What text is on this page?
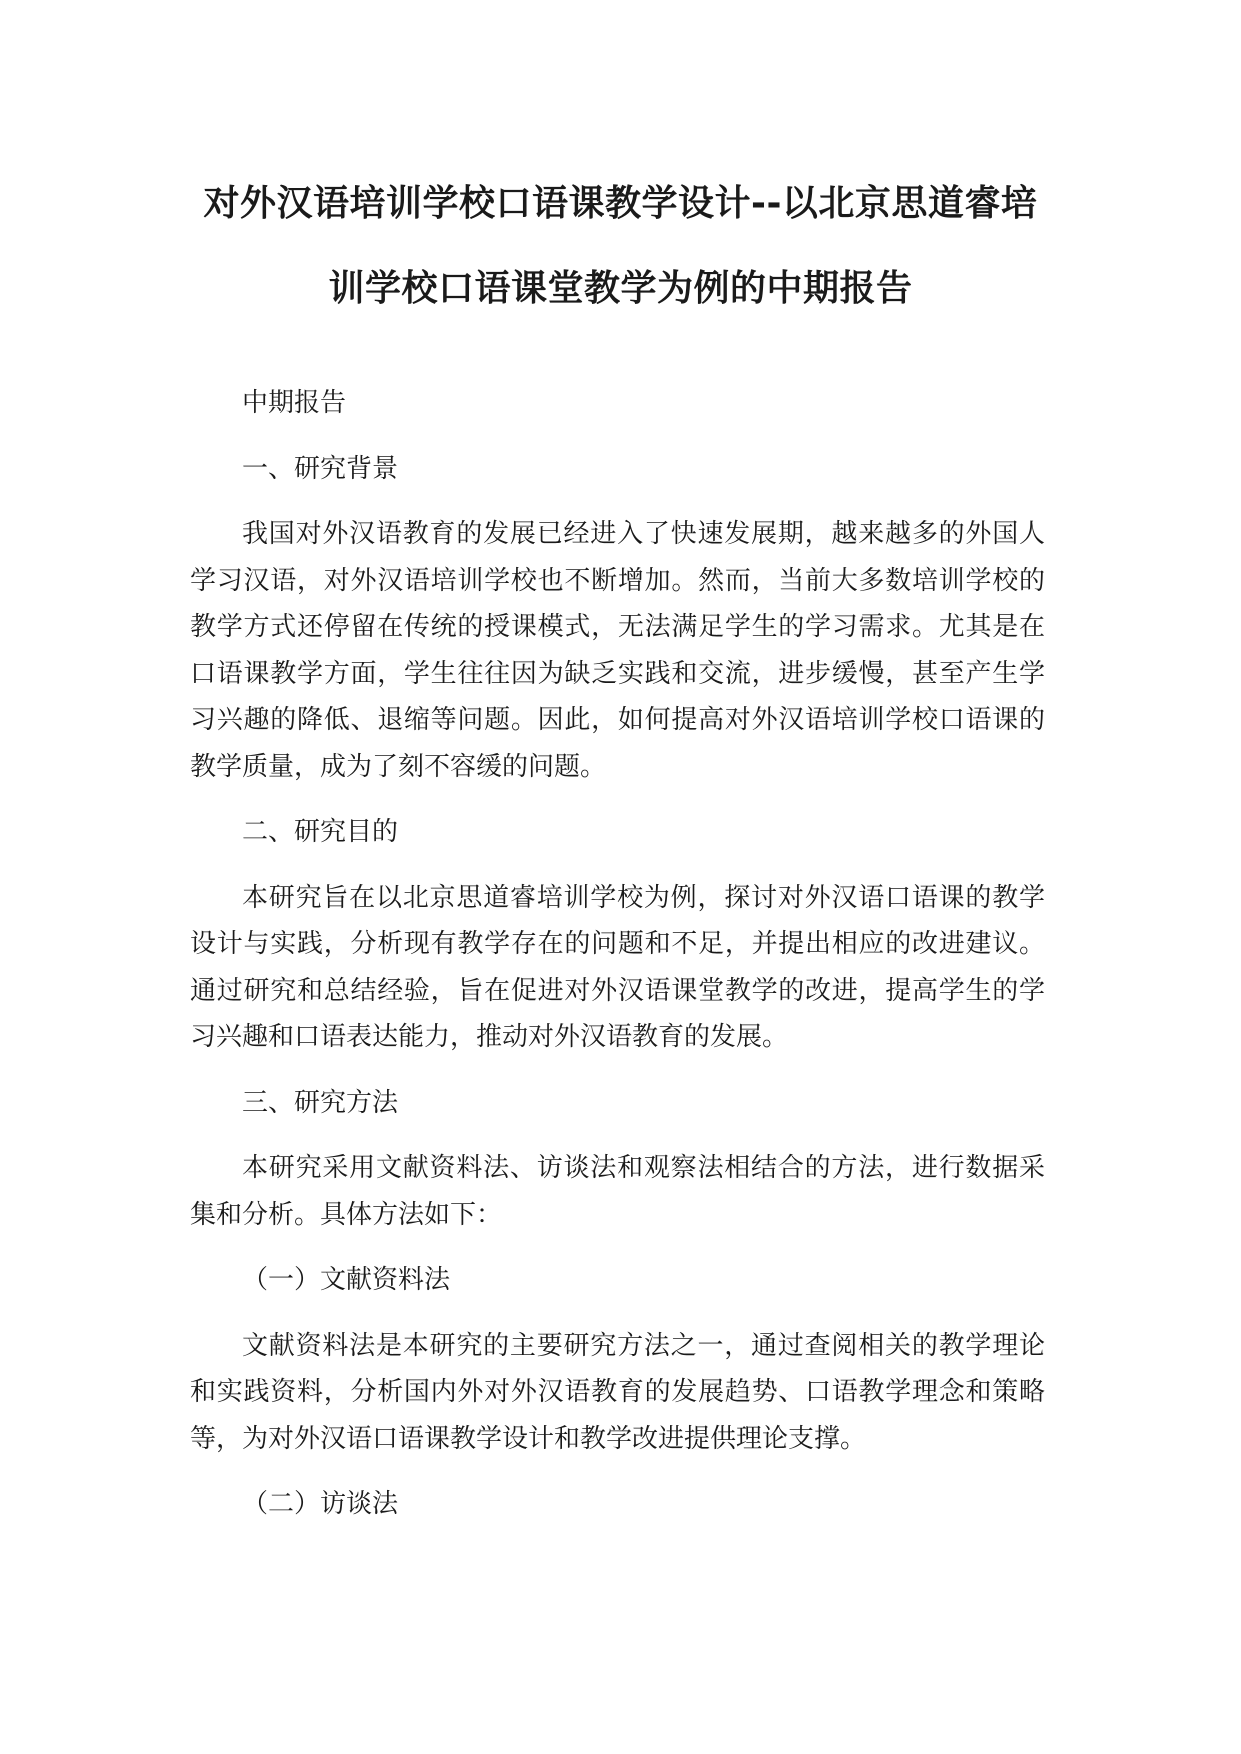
对外汉语培训学校口语课教学设计--以北京思道睿培
训学校口语课堂教学为例的中期报告

中期报告

一、研究背景

我国对外汉语教育的发展已经进入了快速发展期，越来越多的外国人学习汉语，对外汉语培训学校也不断增加。然而，当前大多数培训学校的教学方式还停留在传统的授课模式，无法满足学生的学习需求。尤其是在口语课教学方面，学生往往因为缺乏实践和交流，进步缓慢，甚至产生学习兴趣的降低、退缩等问题。因此，如何提高对外汉语培训学校口语课的教学质量，成为了刻不容缓的问题。

二、研究目的

本研究旨在以北京思道睿培训学校为例，探讨对外汉语口语课的教学设计与实践，分析现有教学存在的问题和不足，并提出相应的改进建议。通过研究和总结经验，旨在促进对外汉语课堂教学的改进，提高学生的学习兴趣和口语表达能力，推动对外汉语教育的发展。

三、研究方法

本研究采用文献资料法、访谈法和观察法相结合的方法，进行数据采集和分析。具体方法如下：

（一）文献资料法

文献资料法是本研究的主要研究方法之一，通过查阅相关的教学理论和实践资料，分析国内外对外汉语教育的发展趋势、口语教学理念和策略等，为对外汉语口语课教学设计和教学改进提供理论支撑。

（二）访谈法
